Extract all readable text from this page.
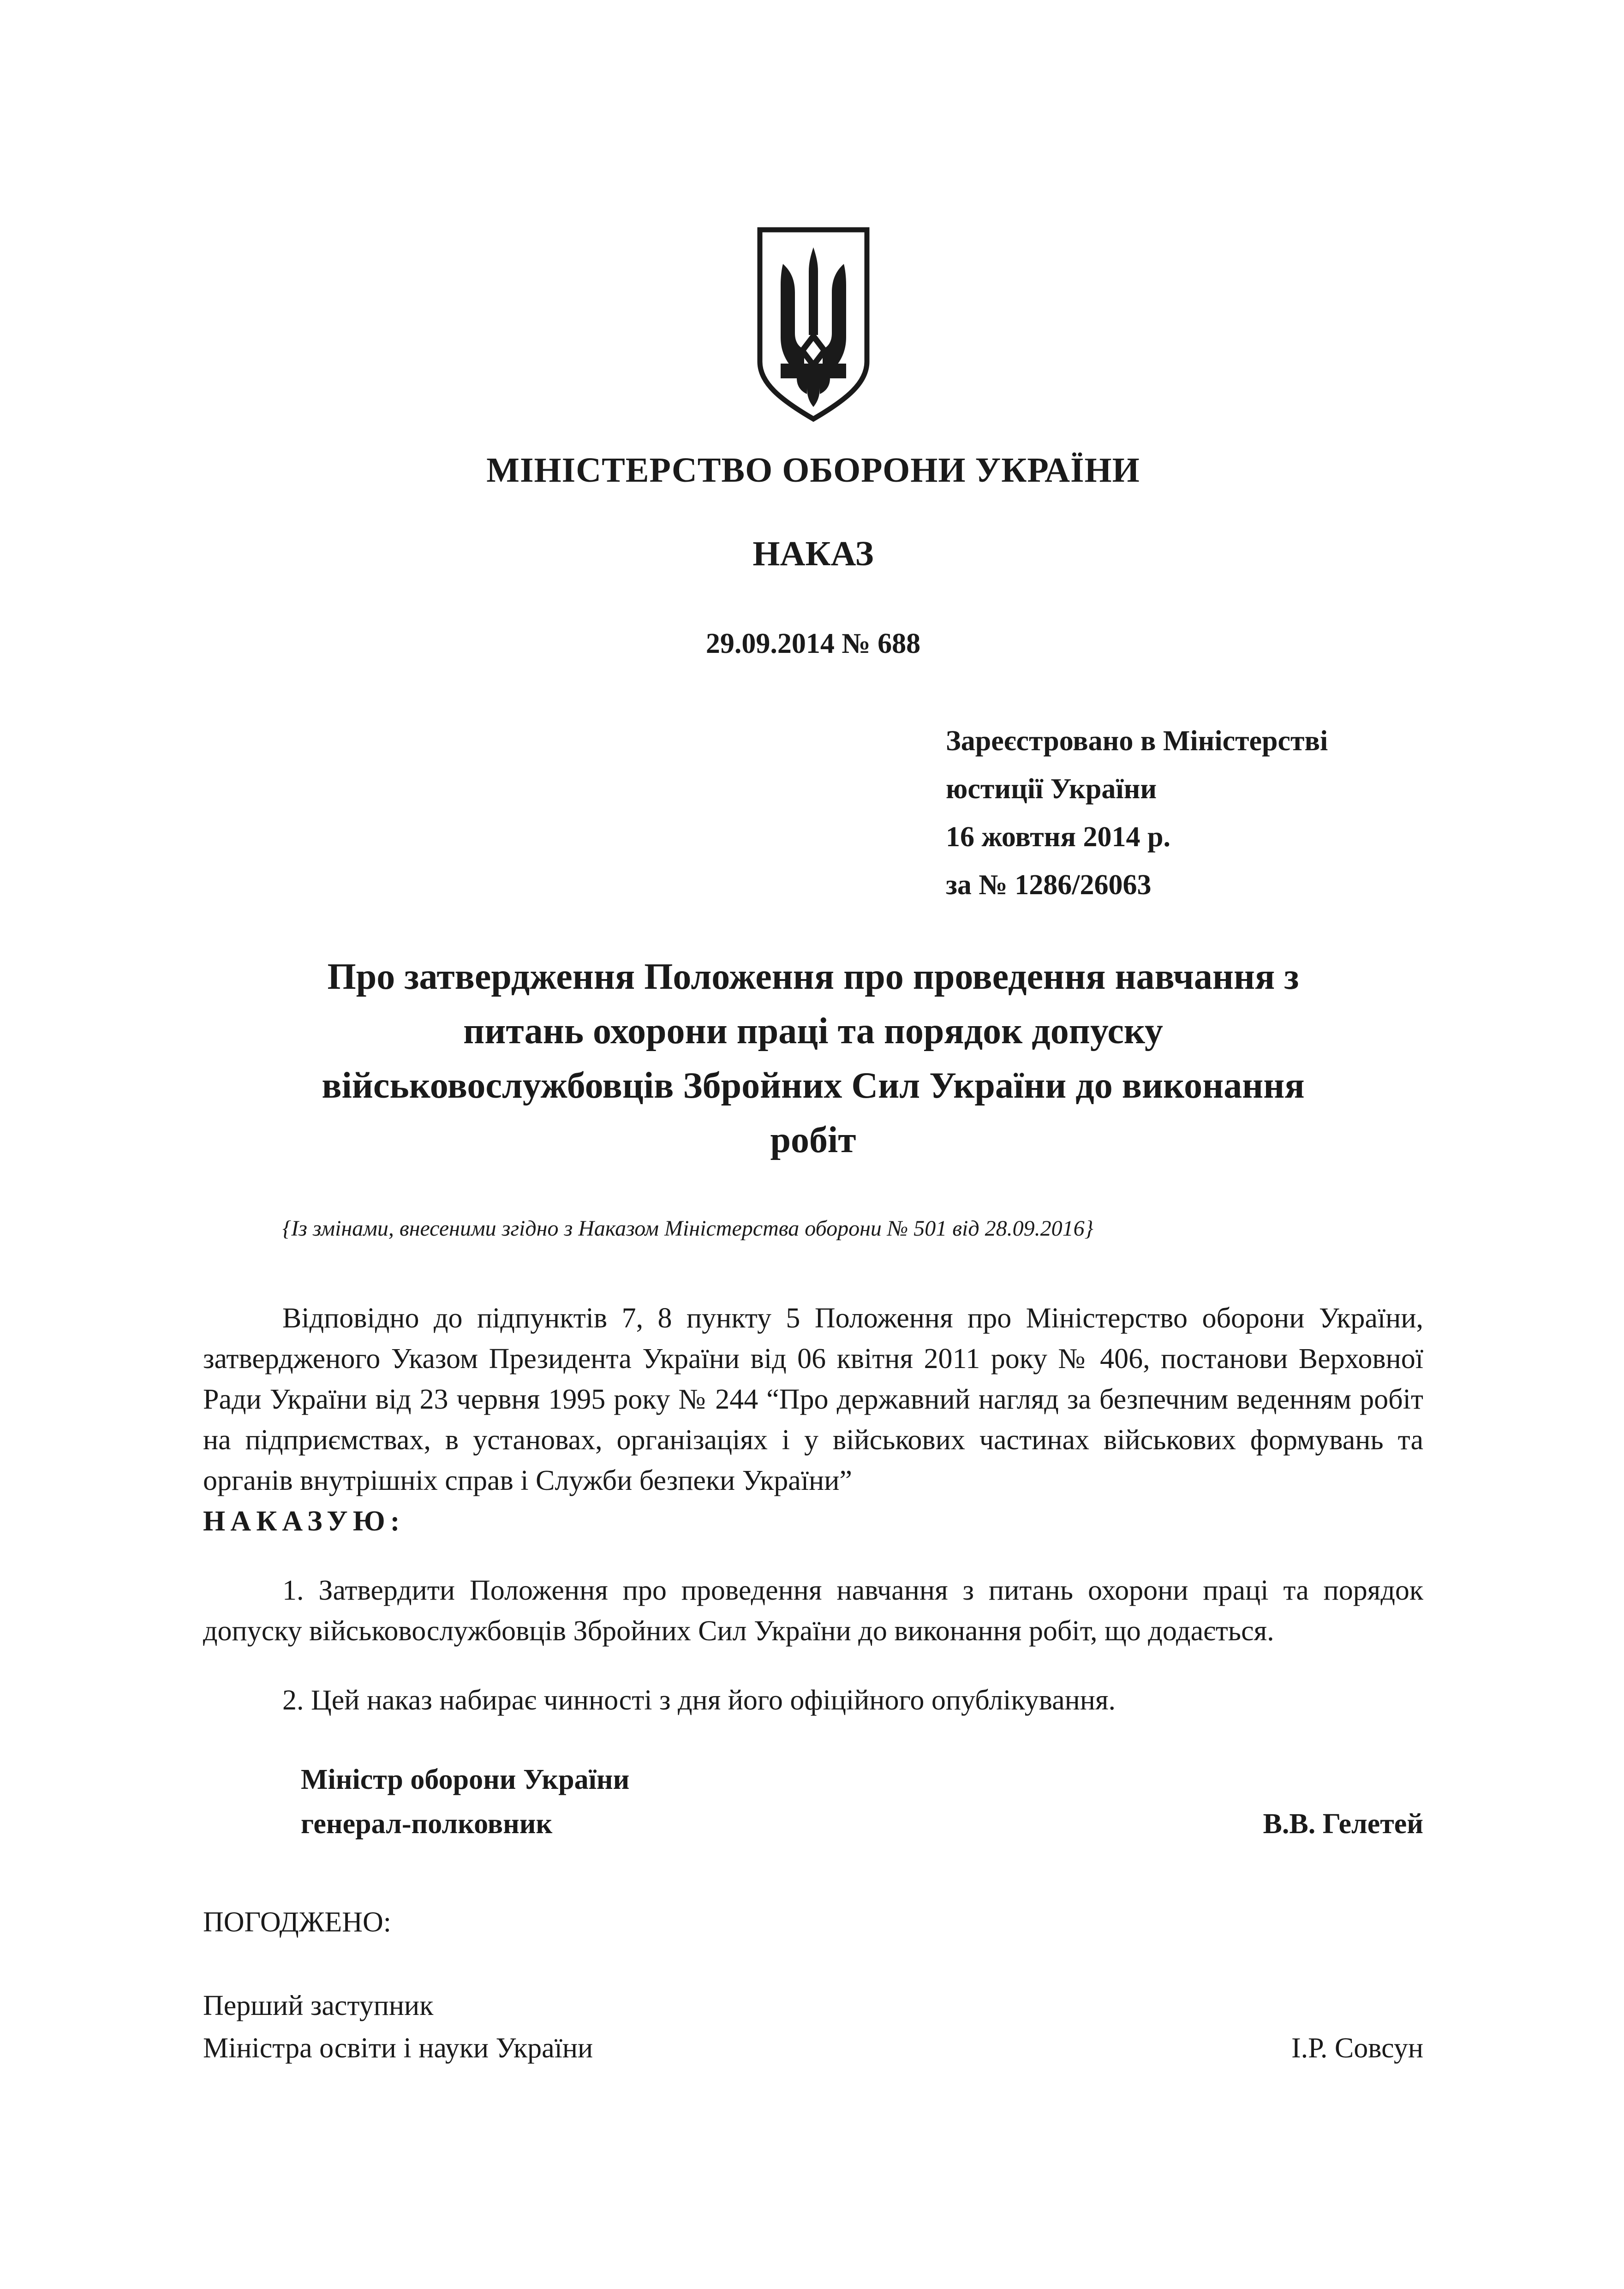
МІНІСТЕРСТВО ОБОРОНИ УКРАЇНИ
НАКАЗ
29.09.2014 № 688
Зареєстровано в Міністерстві
юстиції України
16 жовтня 2014 р.
за № 1286/26063
Про затвердження Положення про проведення навчання з
питань охорони праці та порядок допуску
військовослужбовців Збройних Сил України до виконання
робіт
{Із змінами, внесеними згідно з Наказом Міністерства оборони № 501 від 28.09.2016}

Відповідно до підпунктів 7, 8 пункту 5 Положення про Міністерство оборони України, затвердженого Указом Президента України від 06 квітня 2011 року № 406, постанови Верховної Ради України від 23 червня 1995 року № 244 “Про державний нагляд за безпечним веденням робіт на підприємствах, в установах, організаціях і у військових частинах військових формувань та органів внутрішніх справ і Служби безпеки України”

НАКАЗУЮ:

1. Затвердити Положення про проведення навчання з питань охорони праці та порядок допуску військовослужбовців Збройних Сил України до виконання робіт, що додається.

2. Цей наказ набирає чинності з дня його офіційного опублікування.

Міністр оборони України
генерал-полковник	В.В. Гелетей
ПОГОДЖЕНО:
Перший заступник
Міністра освіти і науки України	І.Р. Совсун
